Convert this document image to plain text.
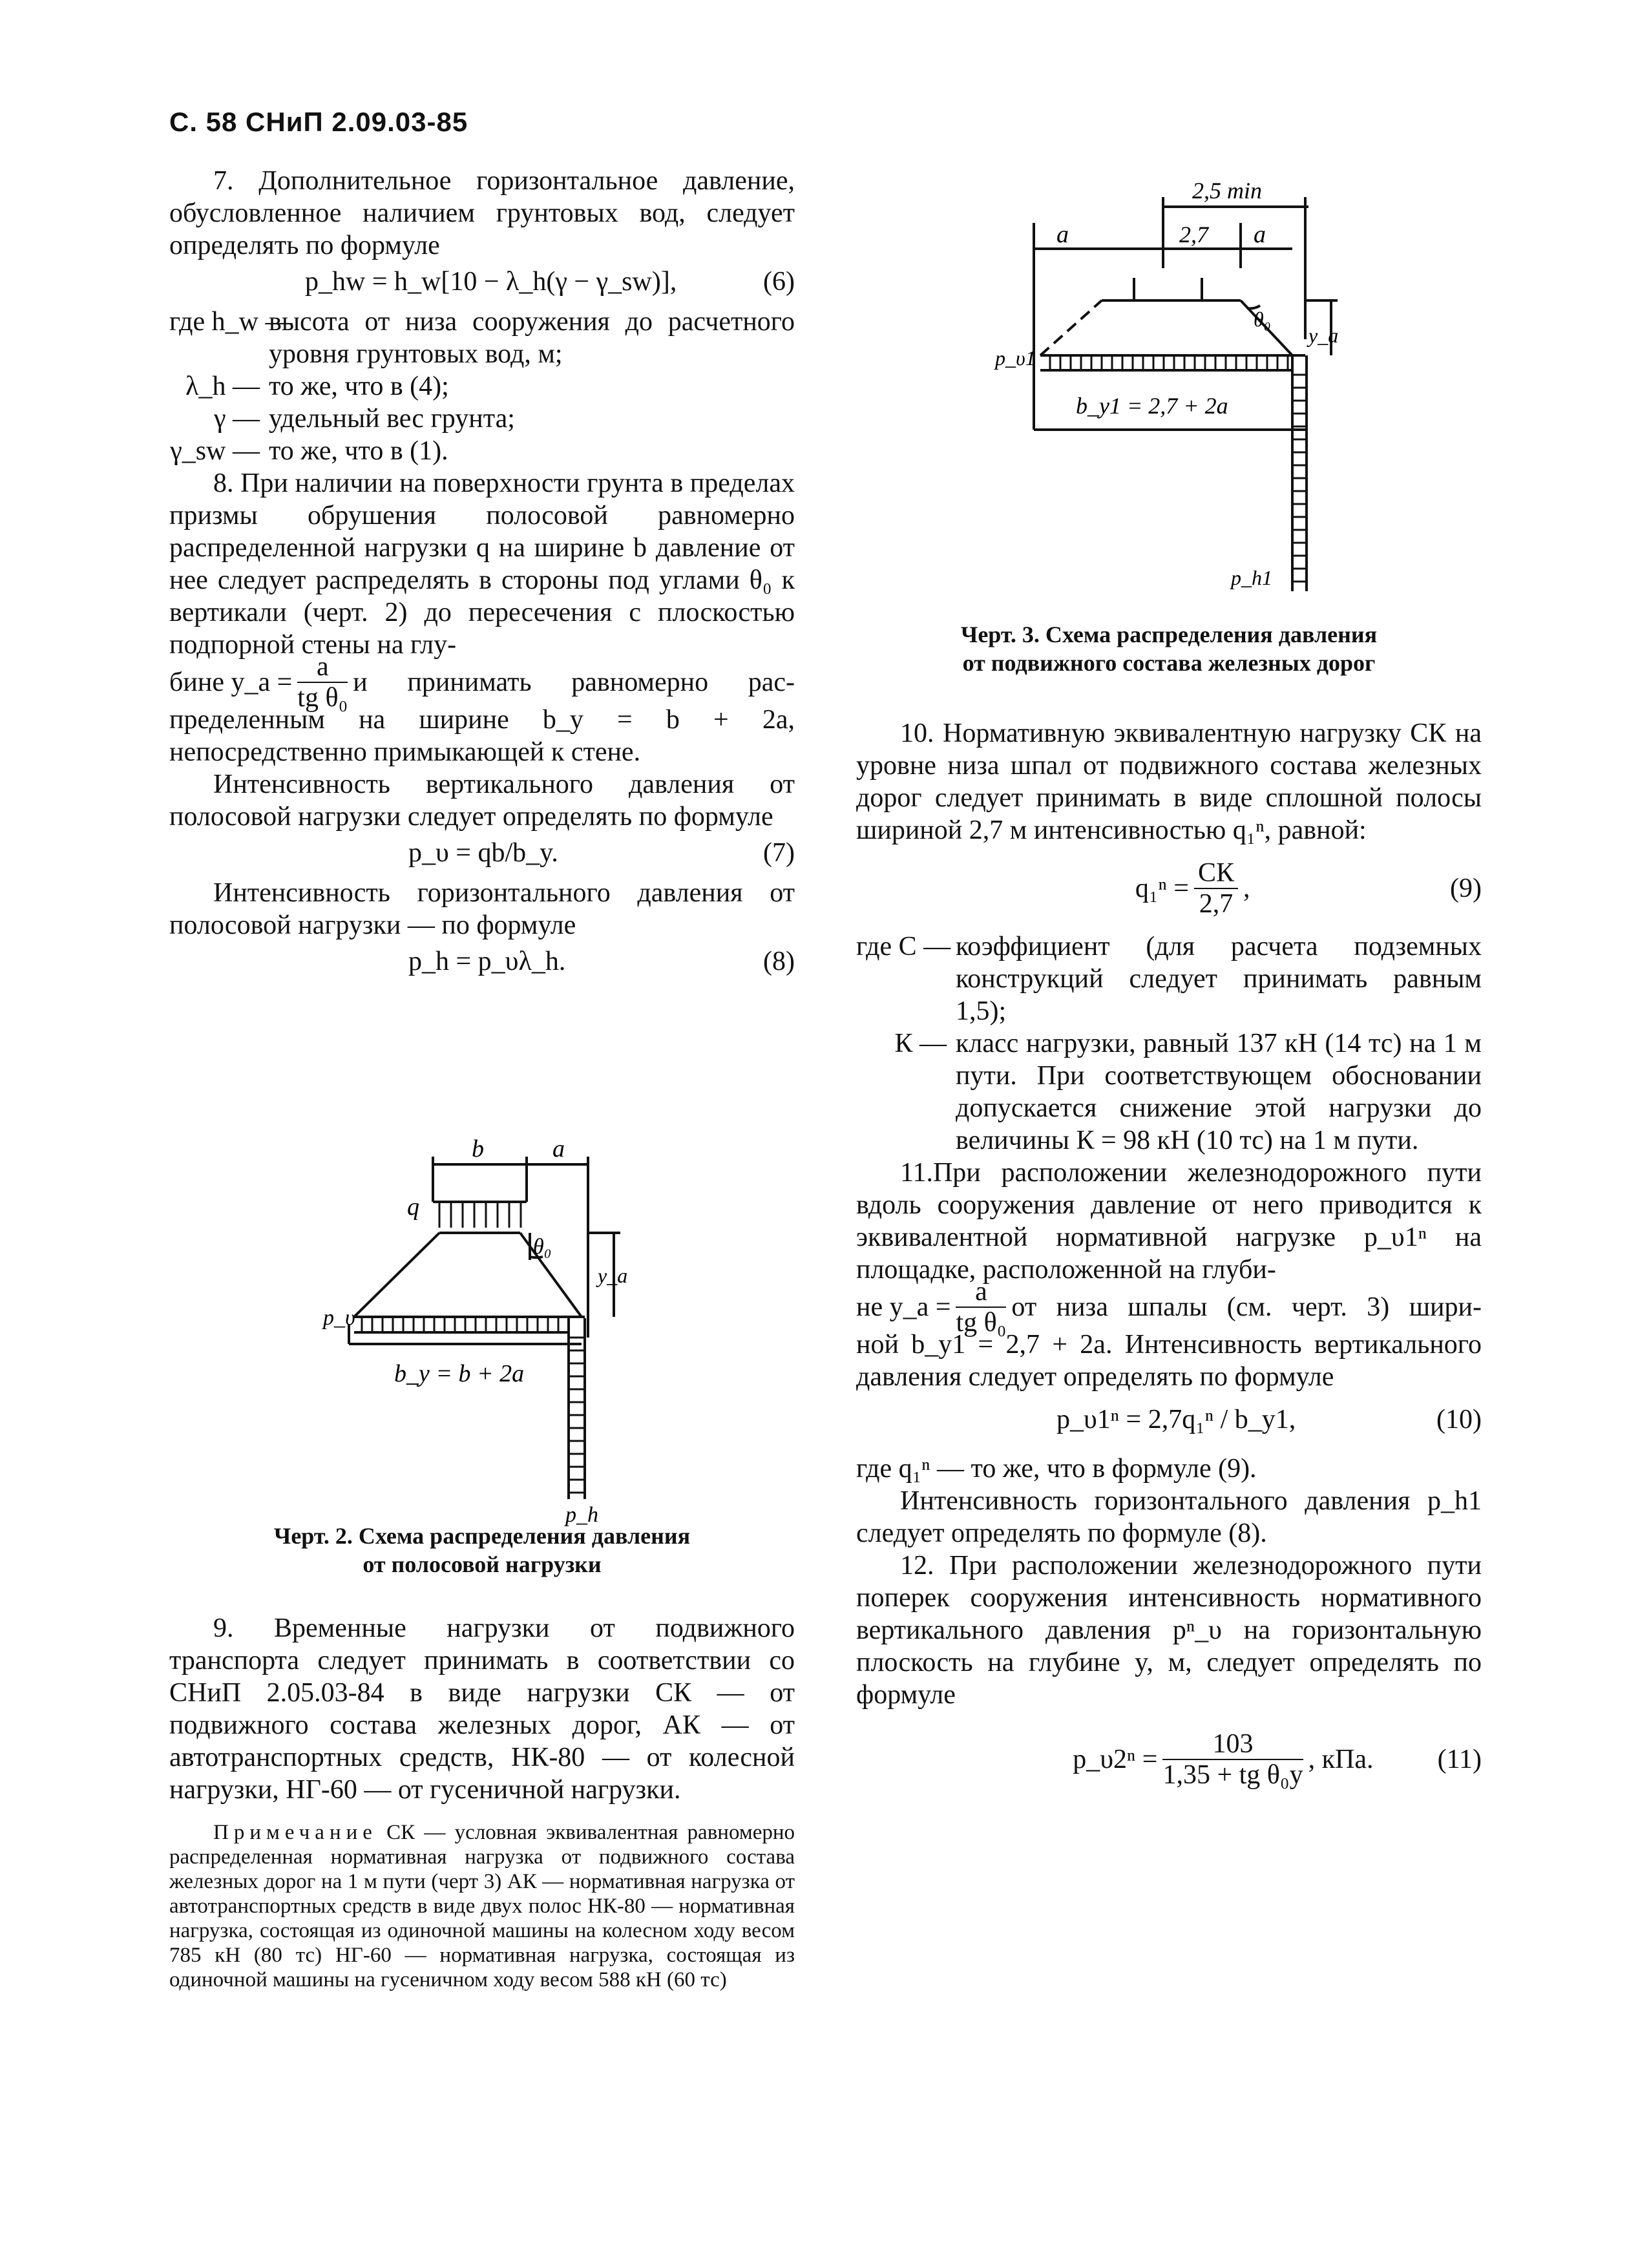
С. 58 СНиП 2.09.03-85

7. Дополнительное горизонтальное давление, обусловленное наличием грунтовых вод, следует определять по формуле

p_hw = h_w[10 − λ_h(γ − γ_sw)],	(6)
где h_w —
высота от низа сооружения до расчетного уровня грунтовых вод, м;
λ_h — то же, что в (4);
γ — удельный вес грунта;
γ_sw — то же, что в (1).

8. При наличии на поверхности грунта в пределах призмы обрушения полосовой равномерно распределенной нагрузки q на ширине b давление от нее следует распределять в стороны под углами θ₀ к вертикали (черт. 2) до пересечения с плоскостью подпорной стены на глу-

бине y_a = $\frac{a}{\text{tg θ₀}}$ и принимать равномерно рас-

пределенным на ширине b_y = b + 2a, непосредственно примыкающей к стене.

Интенсивность вертикального давления от полосовой нагрузки следует определять по формуле

p_υ = qb/b_y.	(7)

Интенсивность горизонтального давления от полосовой нагрузки — по формуле

p_h = p_υλ_h.	(8)
b	a
q
θ₀
y_a
p_υ
b_y = b + 2a
p_h
Черт. 2. Схема распределения давления
от полосовой нагрузки

9. Временные нагрузки от подвижного транспорта следует принимать в соответствии со СНиП 2.05.03-84 в виде нагрузки СК — от подвижного состава железных дорог, АК — от автотранспортных средств, НК-80 — от колесной нагрузки, НГ-60 — от гусеничной нагрузки.

Примечание СК — условная эквивалентная равномерно распределенная нормативная нагрузка от подвижного состава железных дорог на 1 м пути (черт 3) АК — нормативная нагрузка от автотранспортных средств в виде двух полос НК-80 — нормативная нагрузка, состоящая из одиночной машины на колесном ходу весом 785 кН (80 тс) НГ-60 — нормативная нагрузка, состоящая из одиночной машины на гусеничном ходу весом 588 кН (60 тс)

2,5 min
a	2,7 a
θ₀
y_a
p_υ1
b_y1 = 2,7 + 2a
p_h1
Черт. 3. Схема распределения давления
от подвижного состава железных дорог

10. Нормативную эквивалентную нагрузку СК на уровне низа шпал от подвижного состава железных дорог следует принимать в виде сплошной полосы шириной 2,7 м интенсивностью q₁ⁿ, равной:

$q_1^n = \frac{СК}{2,7}$ ,	(9)
где С — коэффициент (для расчета подземных конструкций следует принимать равным 1,5);
К — класс нагрузки, равный 137 кН (14 тс) на 1 м пути. При соответствующем обосновании допускается снижение этой нагрузки до величины К = 98 кН (10 тс) на 1 м пути.

11.При расположении железнодорожного пути вдоль сооружения давление от него приводится к эквивалентной нормативной нагрузке p_υ1ⁿ на площадке, расположенной на глуби-

не y_a = $\frac{a}{\text{tg θ₀}}$ от низа шпалы (см. черт. 3) шири-

ной b_y1 = 2,7 + 2a. Интенсивность вертикального давления следует определять по формуле

p_υ1ⁿ = 2,7q₁ⁿ / b_y1,	(10)

где q₁ⁿ — то же, что в формуле (9).

Интенсивность горизонтального давления p_h1 следует определять по формуле (8).

12. При расположении железнодорожного пути поперек сооружения интенсивность нормативного вертикального давления pⁿ_υ на горизонтальную плоскость на глубине y, м, следует определять по формуле

p_υ2ⁿ = $\frac{103}{\text{1,35 + tg θ₀y}}$ , кПа.	(11)
